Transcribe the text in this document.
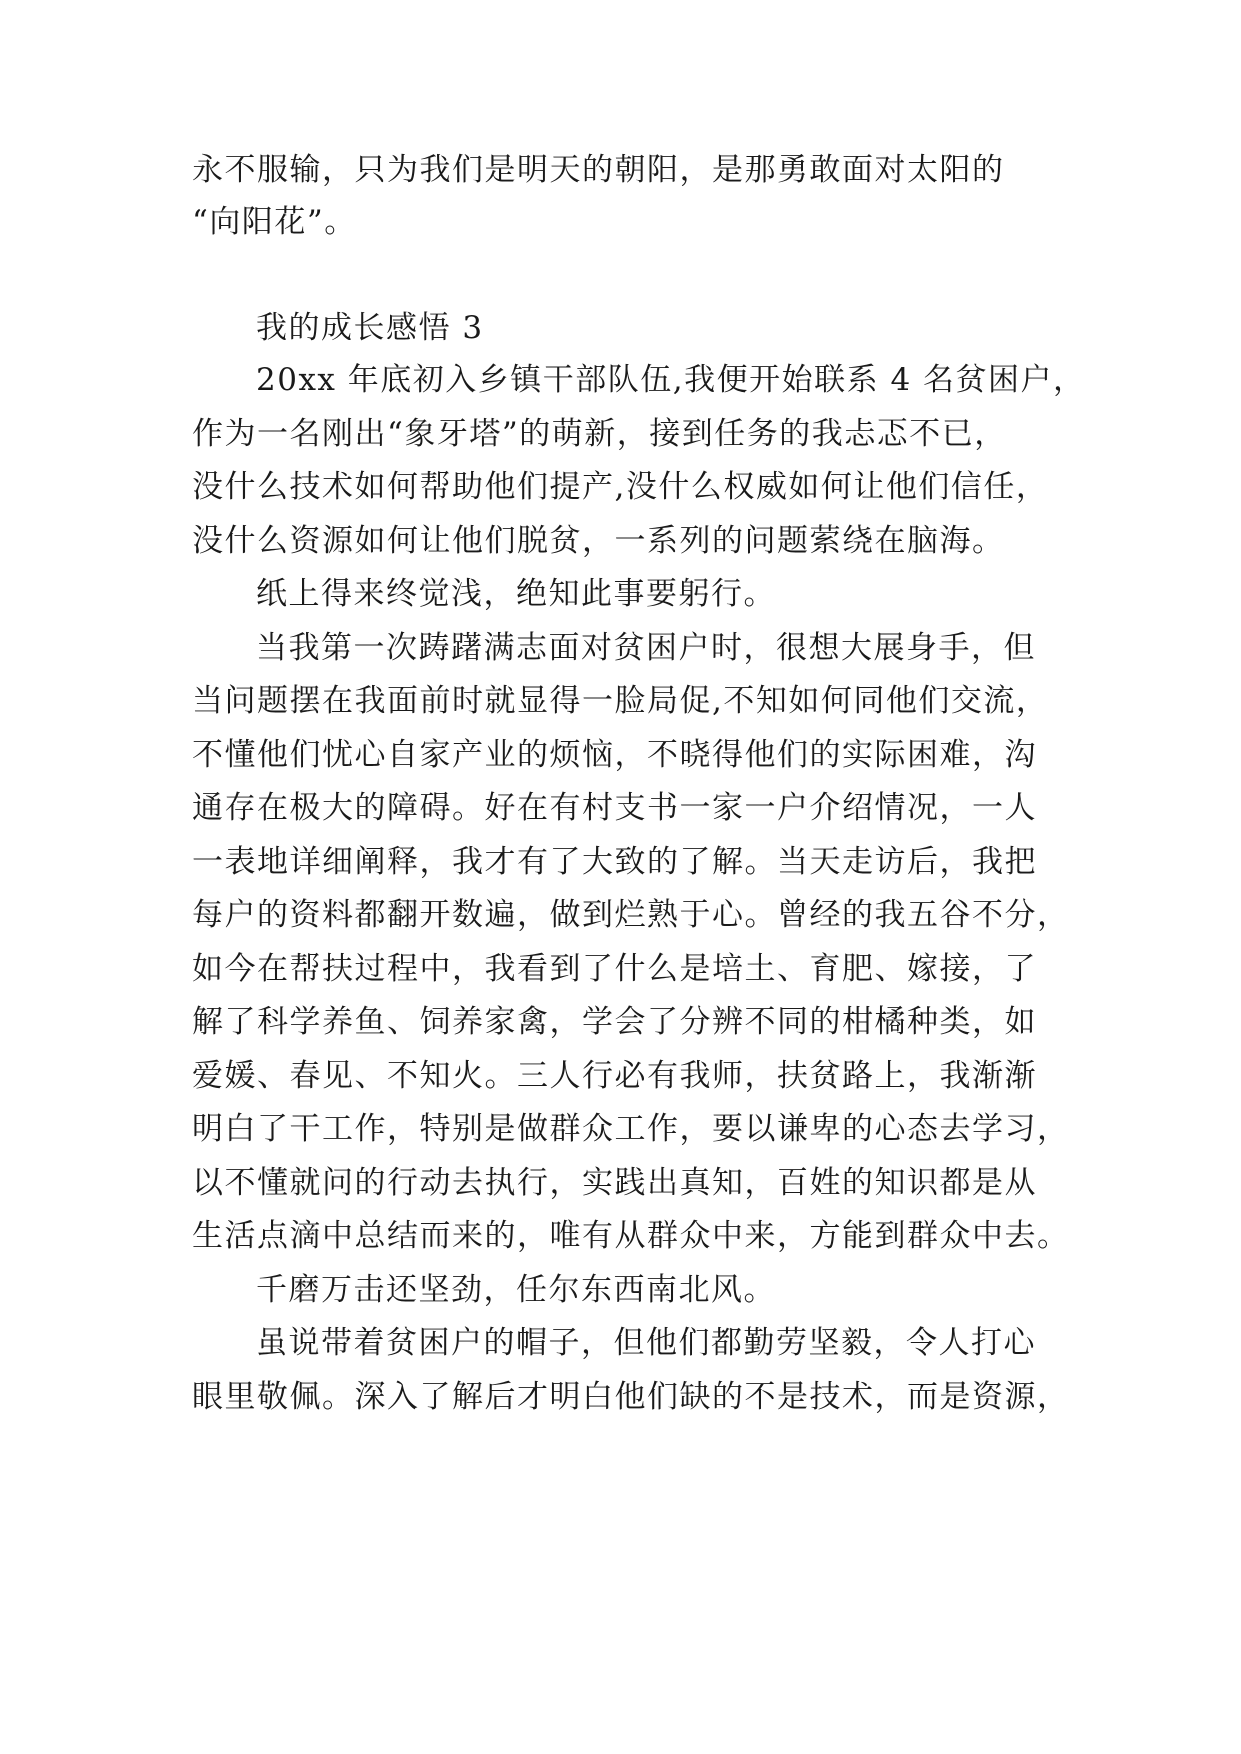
永不服输，只为我们是明天的朝阳，是那勇敢面对太阳的
“向阳花”。
我的成长感悟 3
20xx 年底初入乡镇干部队伍,我便开始联系 4 名贫困户，
作为一名刚出“象牙塔”的萌新，接到任务的我忐忑不已，
没什么技术如何帮助他们提产,没什么权威如何让他们信任，
没什么资源如何让他们脱贫，一系列的问题萦绕在脑海。
纸上得来终觉浅，绝知此事要躬行。
当我第一次踌躇满志面对贫困户时，很想大展身手，但
当问题摆在我面前时就显得一脸局促,不知如何同他们交流，
不懂他们忧心自家产业的烦恼，不晓得他们的实际困难，沟
通存在极大的障碍。好在有村支书一家一户介绍情况，一人
一表地详细阐释，我才有了大致的了解。当天走访后，我把
每户的资料都翻开数遍，做到烂熟于心。曾经的我五谷不分，
如今在帮扶过程中，我看到了什么是培土、育肥、嫁接，了
解了科学养鱼、饲养家禽，学会了分辨不同的柑橘种类，如
爱媛、春见、不知火。三人行必有我师，扶贫路上，我渐渐
明白了干工作，特别是做群众工作，要以谦卑的心态去学习，
以不懂就问的行动去执行，实践出真知，百姓的知识都是从
生活点滴中总结而来的，唯有从群众中来，方能到群众中去。
千磨万击还坚劲，任尔东西南北风。
虽说带着贫困户的帽子，但他们都勤劳坚毅，令人打心
眼里敬佩。深入了解后才明白他们缺的不是技术，而是资源，
